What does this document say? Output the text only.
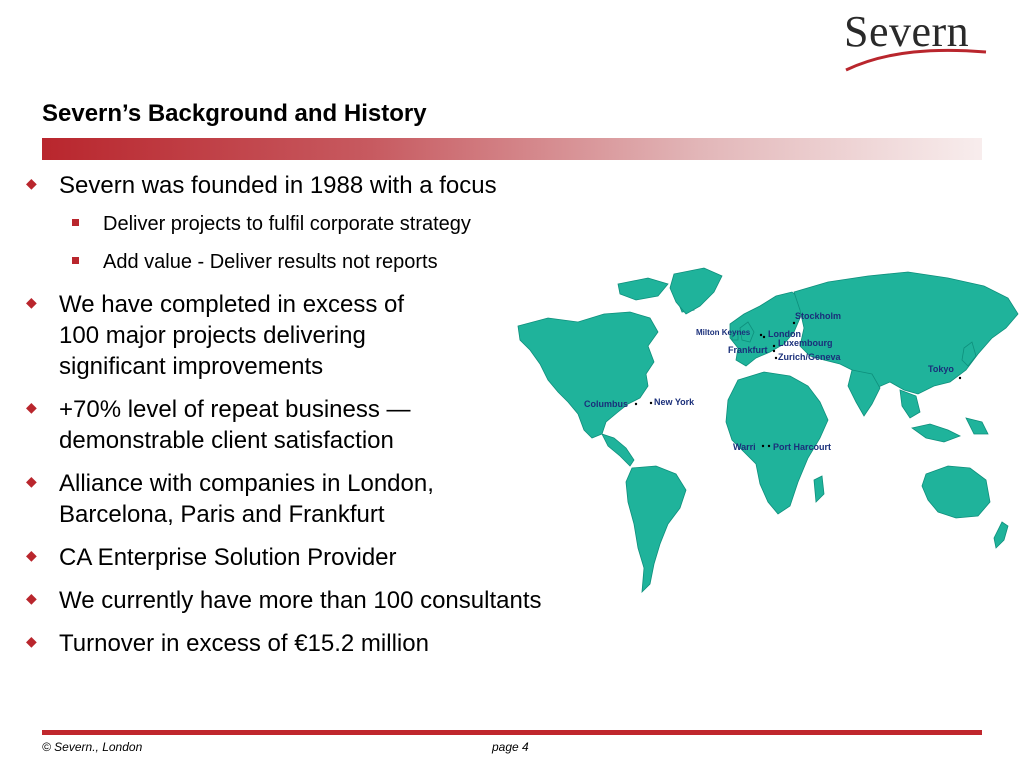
Severn
Severn’s Background and History
◆ Severn was founded in 1988 with a focus
Deliver projects to fulfil corporate strategy
Add value - Deliver results not reports
◆ We have completed in excess of
100 major projects delivering
significant improvements
◆ +70% level of repeat business —
demonstrable client satisfaction
◆ Alliance with companies in London,
Barcelona, Paris and Frankfurt
◆ CA Enterprise Solution Provider
◆ We currently have more than 100 consultants
◆ Turnover in excess of €15.2 million
Stockholm
Milton Keynes London
Luxembourg
Frankfurt
Zurich/Geneva
Tokyo
Columbus	New York
Warri Port Harcourt
© Severn., London	page 4
